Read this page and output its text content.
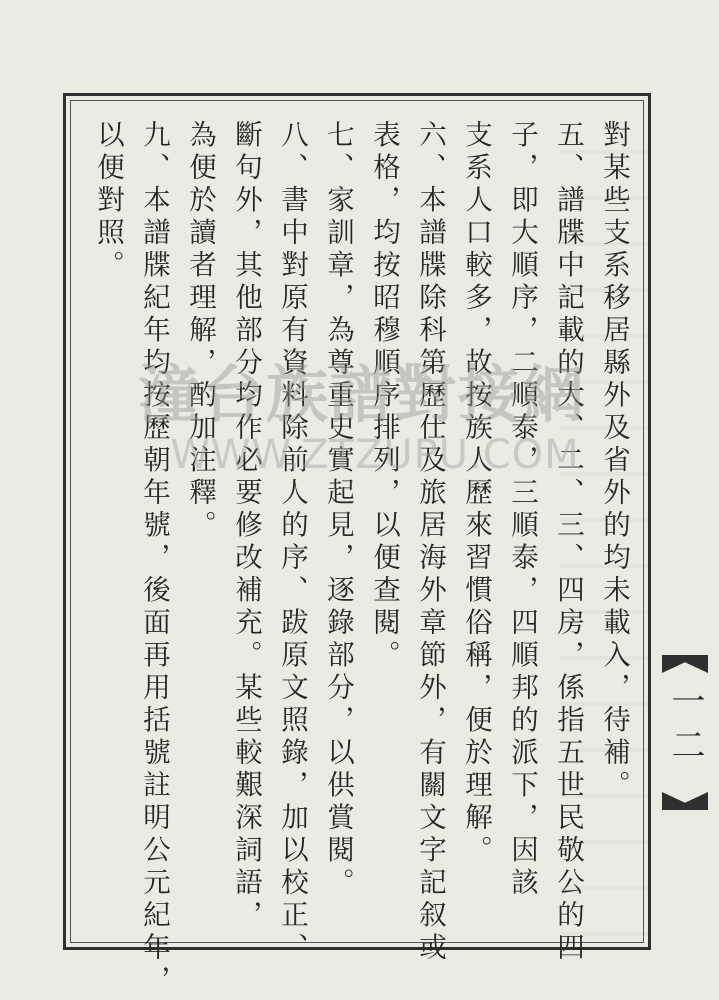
對某些支系移居縣外及省外的均未載入，待補。
五、譜牒中記載的大、二、三、四房，係指五世民敬公的四
子，即大順序，二順泰，三順泰，四順邦的派下，因該
支系人口較多，故按族人歷來習慣俗稱，便於理解。
六、本譜牒除科第歷仕及旅居海外章節外，有關文字記叙或
表格，均按昭穆順序排列，以便查閱。
七、家訓章，為尊重史實起見，逐錄部分，以供賞閱。
八、書中對原有資料除前人的序、跋原文照錄，加以校正、
斷句外，其他部分均作必要修改補充。某些較艱深詞語，
為便於讀者理解，酌加注釋。
九、本譜牒紀年均按歷朝年號，後面再用括號註明公元紀年，
以便對照。
潼台族譜對接網
WWW.ZTZUPU.COM
一二
